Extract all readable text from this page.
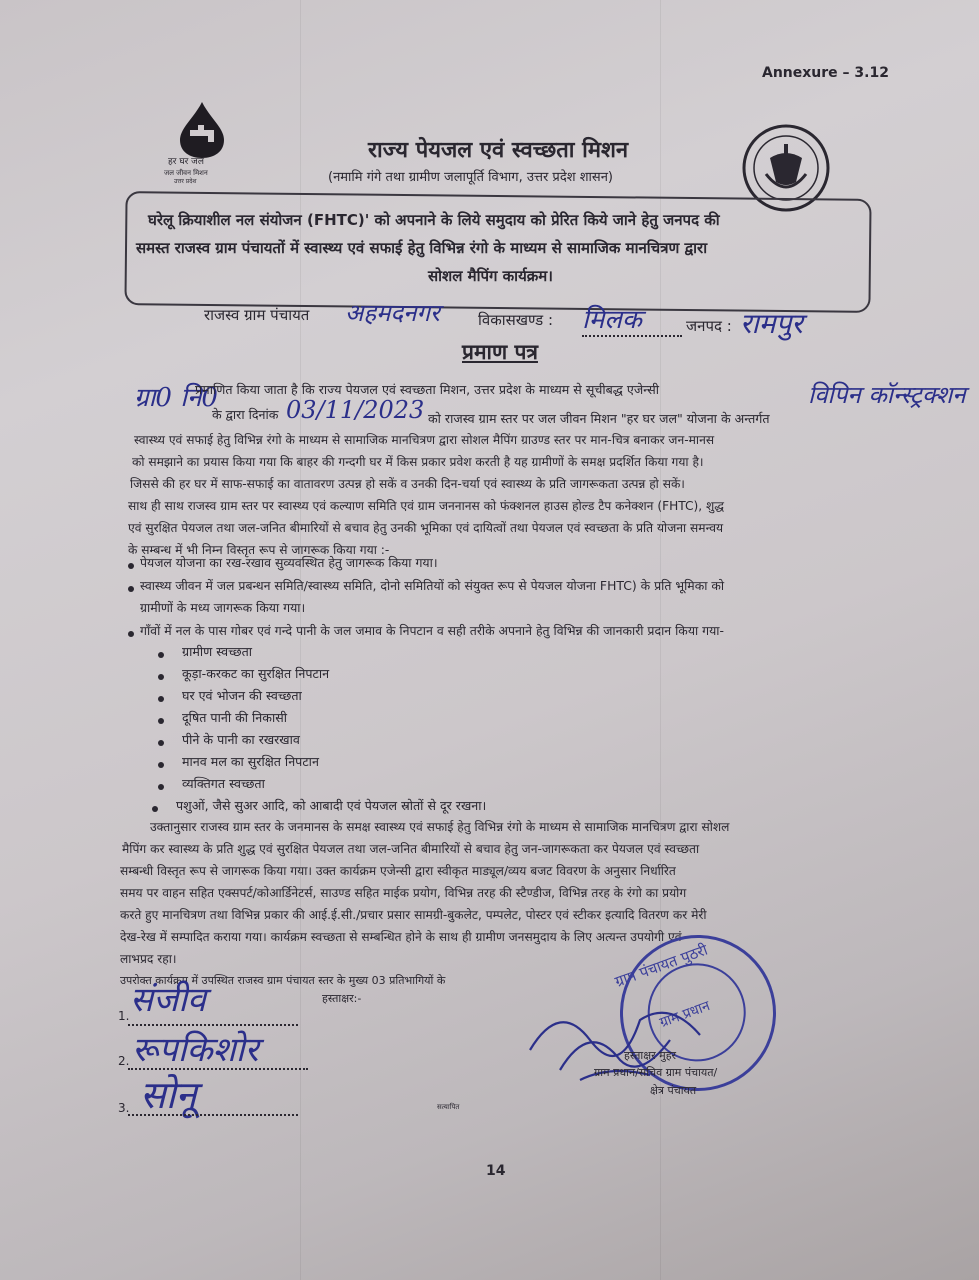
Annexure – 3.12
हर घर जल
जल जीवन मिशन
उत्तर प्रदेश
राज्य पेयजल एवं स्वच्छता मिशन
(नमामि गंगे तथा ग्रामीण जलापूर्ति विभाग, उत्तर प्रदेश शासन)
घरेलू क्रियाशील नल संयोजन (FHTC)' को अपनाने के लिये समुदाय को प्रेरित किये जाने हेतु जनपद की
समस्त राजस्व ग्राम पंचायतों में स्वास्थ्य एवं सफाई हेतु विभिन्न रंगो के माध्यम से सामाजिक मानचित्रण द्वारा
सोशल मैपिंग कार्यक्रम।
राजस्व ग्राम पंचायत अहमदनगर	विकासखण्ड : मिलक	जनपद : रामपुर
प्रमाण पत्र
ग्रा0 नि0
प्रमाणित किया जाता है कि राज्य पेयजल एवं स्वच्छता मिशन, उत्तर प्रदेश के माध्यम से सूचीबद्ध एजेन्सी	विपिन कॉन्स्ट्रक्शन
के द्वारा दिनांक 03/11/2023 को राजस्व ग्राम स्तर पर जल जीवन मिशन "हर घर जल" योजना के अन्तर्गत
स्वास्थ्य एवं सफाई हेतु विभिन्न रंगो के माध्यम से सामाजिक मानचित्रण द्वारा सोशल मैपिंग ग्राउण्ड स्तर पर मान-चित्र बनाकर जन-मानस
को समझाने का प्रयास किया गया कि बाहर की गन्दगी घर में किस प्रकार प्रवेश करती है यह ग्रामीणों के समक्ष प्रदर्शित किया गया है।
जिससे की हर घर में साफ-सफाई का वातावरण उत्पन्न हो सकें व उनकी दिन-चर्या एवं स्वास्थ्य के प्रति जागरूकता उत्पन्न हो सकें।
साथ ही साथ राजस्व ग्राम स्तर पर स्वास्थ्य एवं कल्याण समिति एवं ग्राम जननानस को फंक्शनल हाउस होल्ड टैप कनेक्शन (FHTC), शुद्ध
एवं सुरक्षित पेयजल तथा जल-जनित बीमारियों से बचाव हेतु उनकी भूमिका एवं दायित्वों तथा पेयजल एवं स्वच्छता के प्रति योजना समन्वय
के सम्बन्ध में भी निम्न विस्तृत रूप से जागरूक किया गया :-
पेयजल योजना का रख-रखाव सुव्यवस्थित हेतु जागरूक किया गया।
स्वास्थ्य जीवन में जल प्रबन्धन समिति/स्वास्थ्य समिति, दोनो समितियों को संयुक्त रूप से पेयजल योजना FHTC) के प्रति भूमिका को
ग्रामीणों के मध्य जागरूक किया गया।
गाँवों में नल के पास गोबर एवं गन्दे पानी के जल जमाव के निपटान व सही तरीके अपनाने हेतु विभिन्न की जानकारी प्रदान किया गया-
ग्रामीण स्वच्छता
कूड़ा-करकट का सुरक्षित निपटान
घर एवं भोजन की स्वच्छता
दूषित पानी की निकासी
पीने के पानी का रखरखाव
मानव मल का सुरक्षित निपटान
व्यक्तिगत स्वच्छता
पशुओं, जैसे सुअर आदि, को आबादी एवं पेयजल स्रोतों से दूर रखना।
उक्तानुसार राजस्व ग्राम स्तर के जनमानस के समक्ष स्वास्थ्य एवं सफाई हेतु विभिन्न रंगो के माध्यम से सामाजिक मानचित्रण द्वारा सोशल
मैपिंग कर स्वास्थ्य के प्रति शुद्ध एवं सुरक्षित पेयजल तथा जल-जनित बीमारियों से बचाव हेतु जन-जागरूकता कर पेयजल एवं स्वच्छता
सम्बन्धी विस्तृत रूप से जागरूक किया गया। उक्त कार्यक्रम एजेन्सी द्वारा स्वीकृत माड्यूल/व्यय बजट विवरण के अनुसार निर्धारित
समय पर वाहन सहित एक्सपर्ट/कोआर्डिनेटर्स, साउण्ड सहित माईक प्रयोग, विभिन्न तरह की स्टैण्डीज, विभिन्न तरह के रंगो का प्रयोग
करते हुए मानचित्रण तथा विभिन्न प्रकार की आई.ई.सी./प्रचार प्रसार सामग्री-बुकलेट, पम्पलेट, पोस्टर एवं स्टीकर इत्यादि वितरण कर मेरी
देख-रेख में सम्पादित कराया गया। कार्यक्रम स्वच्छता से सम्बन्धित होने के साथ ही ग्रामीण जनसमुदाय के लिए अत्यन्त उपयोगी एवं
लाभप्रद रहा।
उपरोक्त कार्यक्रम में उपस्थित राजस्व ग्राम पंचायत स्तर के मुख्य 03 प्रतिभागियों के
हस्ताक्षर:-
1. संजीव
2. रूपकिशोर
3. सोनू	सत्यापित
ग्राम पंचायत पुठरी
ग्राम प्रधान
हस्ताक्षर मुहर
ग्राम प्रधान/सचिव ग्राम पंचायत/
क्षेत्र पंचायत
14
